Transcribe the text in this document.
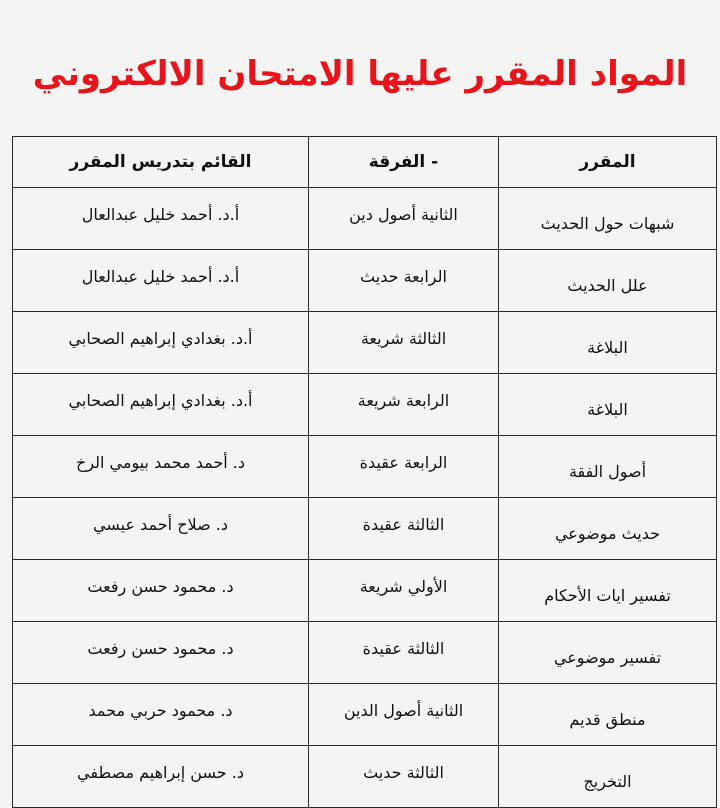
المواد المقرر عليها الامتحان الالكتروني
المقرر	- الفرقة	القائم بتدريس المقرر
شبهات حول الحديث	الثانية أصول دين	أ.د. أحمد خليل عبدالعال
علل الحديث	الرابعة حديث	أ.د. أحمد خليل عبدالعال
البلاغة	الثالثة شريعة	أ.د. بغدادي إبراهيم الصحابي
البلاغة	الرابعة شريعة	أ.د. بغدادي إبراهيم الصحابي
أصول الفقة	الرابعة عقيدة	د. أحمد محمد بيومي الرخ
حديث موضوعي	الثالثة عقيدة	د. صلاح أحمد عيسي
تفسير ايات الأحكام	الأولي شريعة	د. محمود حسن رفعت
تفسير موضوعي	الثالثة عقيدة	د. محمود حسن رفعت
منطق قديم	الثانية أصول الدين	د. محمود حربي محمد
التخريج	الثالثة حديث	د. حسن إبراهيم مصطفي
